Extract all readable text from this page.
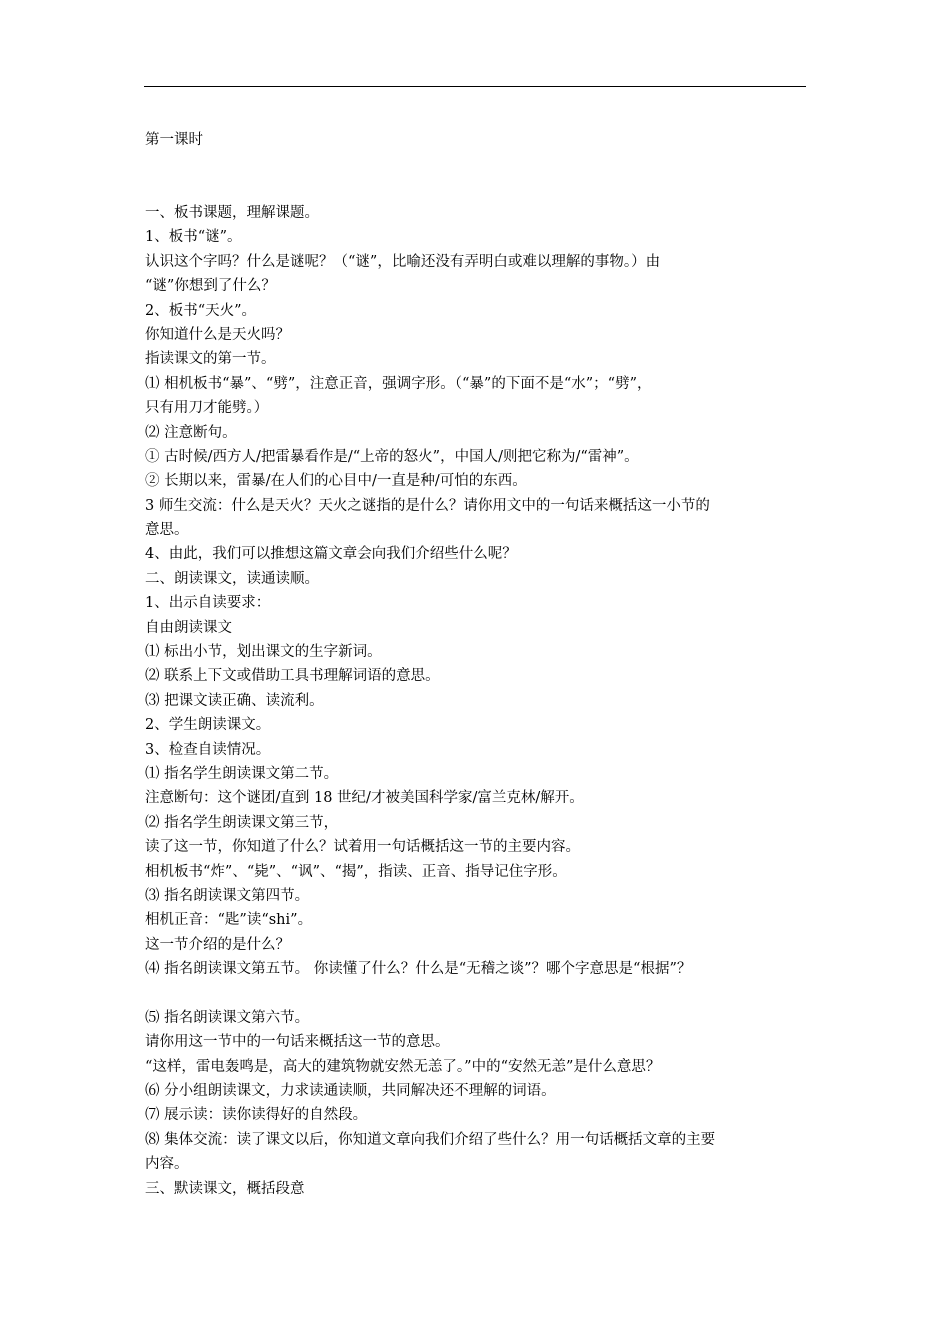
第一课时
一、板书课题，理解课题。
1、板书“谜”。
认识这个字吗？什么是谜呢？（“谜”，比喻还没有弄明白或难以理解的事物。）由
“谜”你想到了什么？
2、板书“天火”。
你知道什么是天火吗？
指读课文的第一节。
⑴ 相机板书“暴”、“劈”，注意正音，强调字形。（“暴”的下面不是“水”；“劈”，
只有用刀才能劈。）
⑵ 注意断句。
① 古时候/西方人/把雷暴看作是/“上帝的怒火”，中国人/则把它称为/“雷神”。
② 长期以来，雷暴/在人们的心目中/一直是种/可怕的东西。
3 师生交流：什么是天火？天火之谜指的是什么？请你用文中的一句话来概括这一小节的
意思。
4、由此，我们可以推想这篇文章会向我们介绍些什么呢？
二、朗读课文，读通读顺。
1、出示自读要求：
自由朗读课文
⑴ 标出小节，划出课文的生字新词。
⑵ 联系上下文或借助工具书理解词语的意思。
⑶ 把课文读正确、读流利。
2、学生朗读课文。
3、检查自读情况。
⑴ 指名学生朗读课文第二节。
注意断句：这个谜团/直到 18 世纪/才被美国科学家/富兰克林/解开。
⑵ 指名学生朗读课文第三节，
读了这一节，你知道了什么？试着用一句话概括这一节的主要内容。
相机板书“炸”、“毙”、“讽”、“揭”，指读、正音、指导记住字形。
⑶ 指名朗读课文第四节。
相机正音：“匙”读“shi”。
这一节介绍的是什么？
⑷ 指名朗读课文第五节。 你读懂了什么？什么是“无稽之谈”？哪个字意思是“根据”？
⑸ 指名朗读课文第六节。
请你用这一节中的一句话来概括这一节的意思。
“这样，雷电轰鸣是，高大的建筑物就安然无恙了。”中的“安然无恙”是什么意思？
⑹ 分小组朗读课文，力求读通读顺，共同解决还不理解的词语。
⑺ 展示读：读你读得好的自然段。
⑻ 集体交流：读了课文以后，你知道文章向我们介绍了些什么？用一句话概括文章的主要
内容。
三、默读课文，概括段意
